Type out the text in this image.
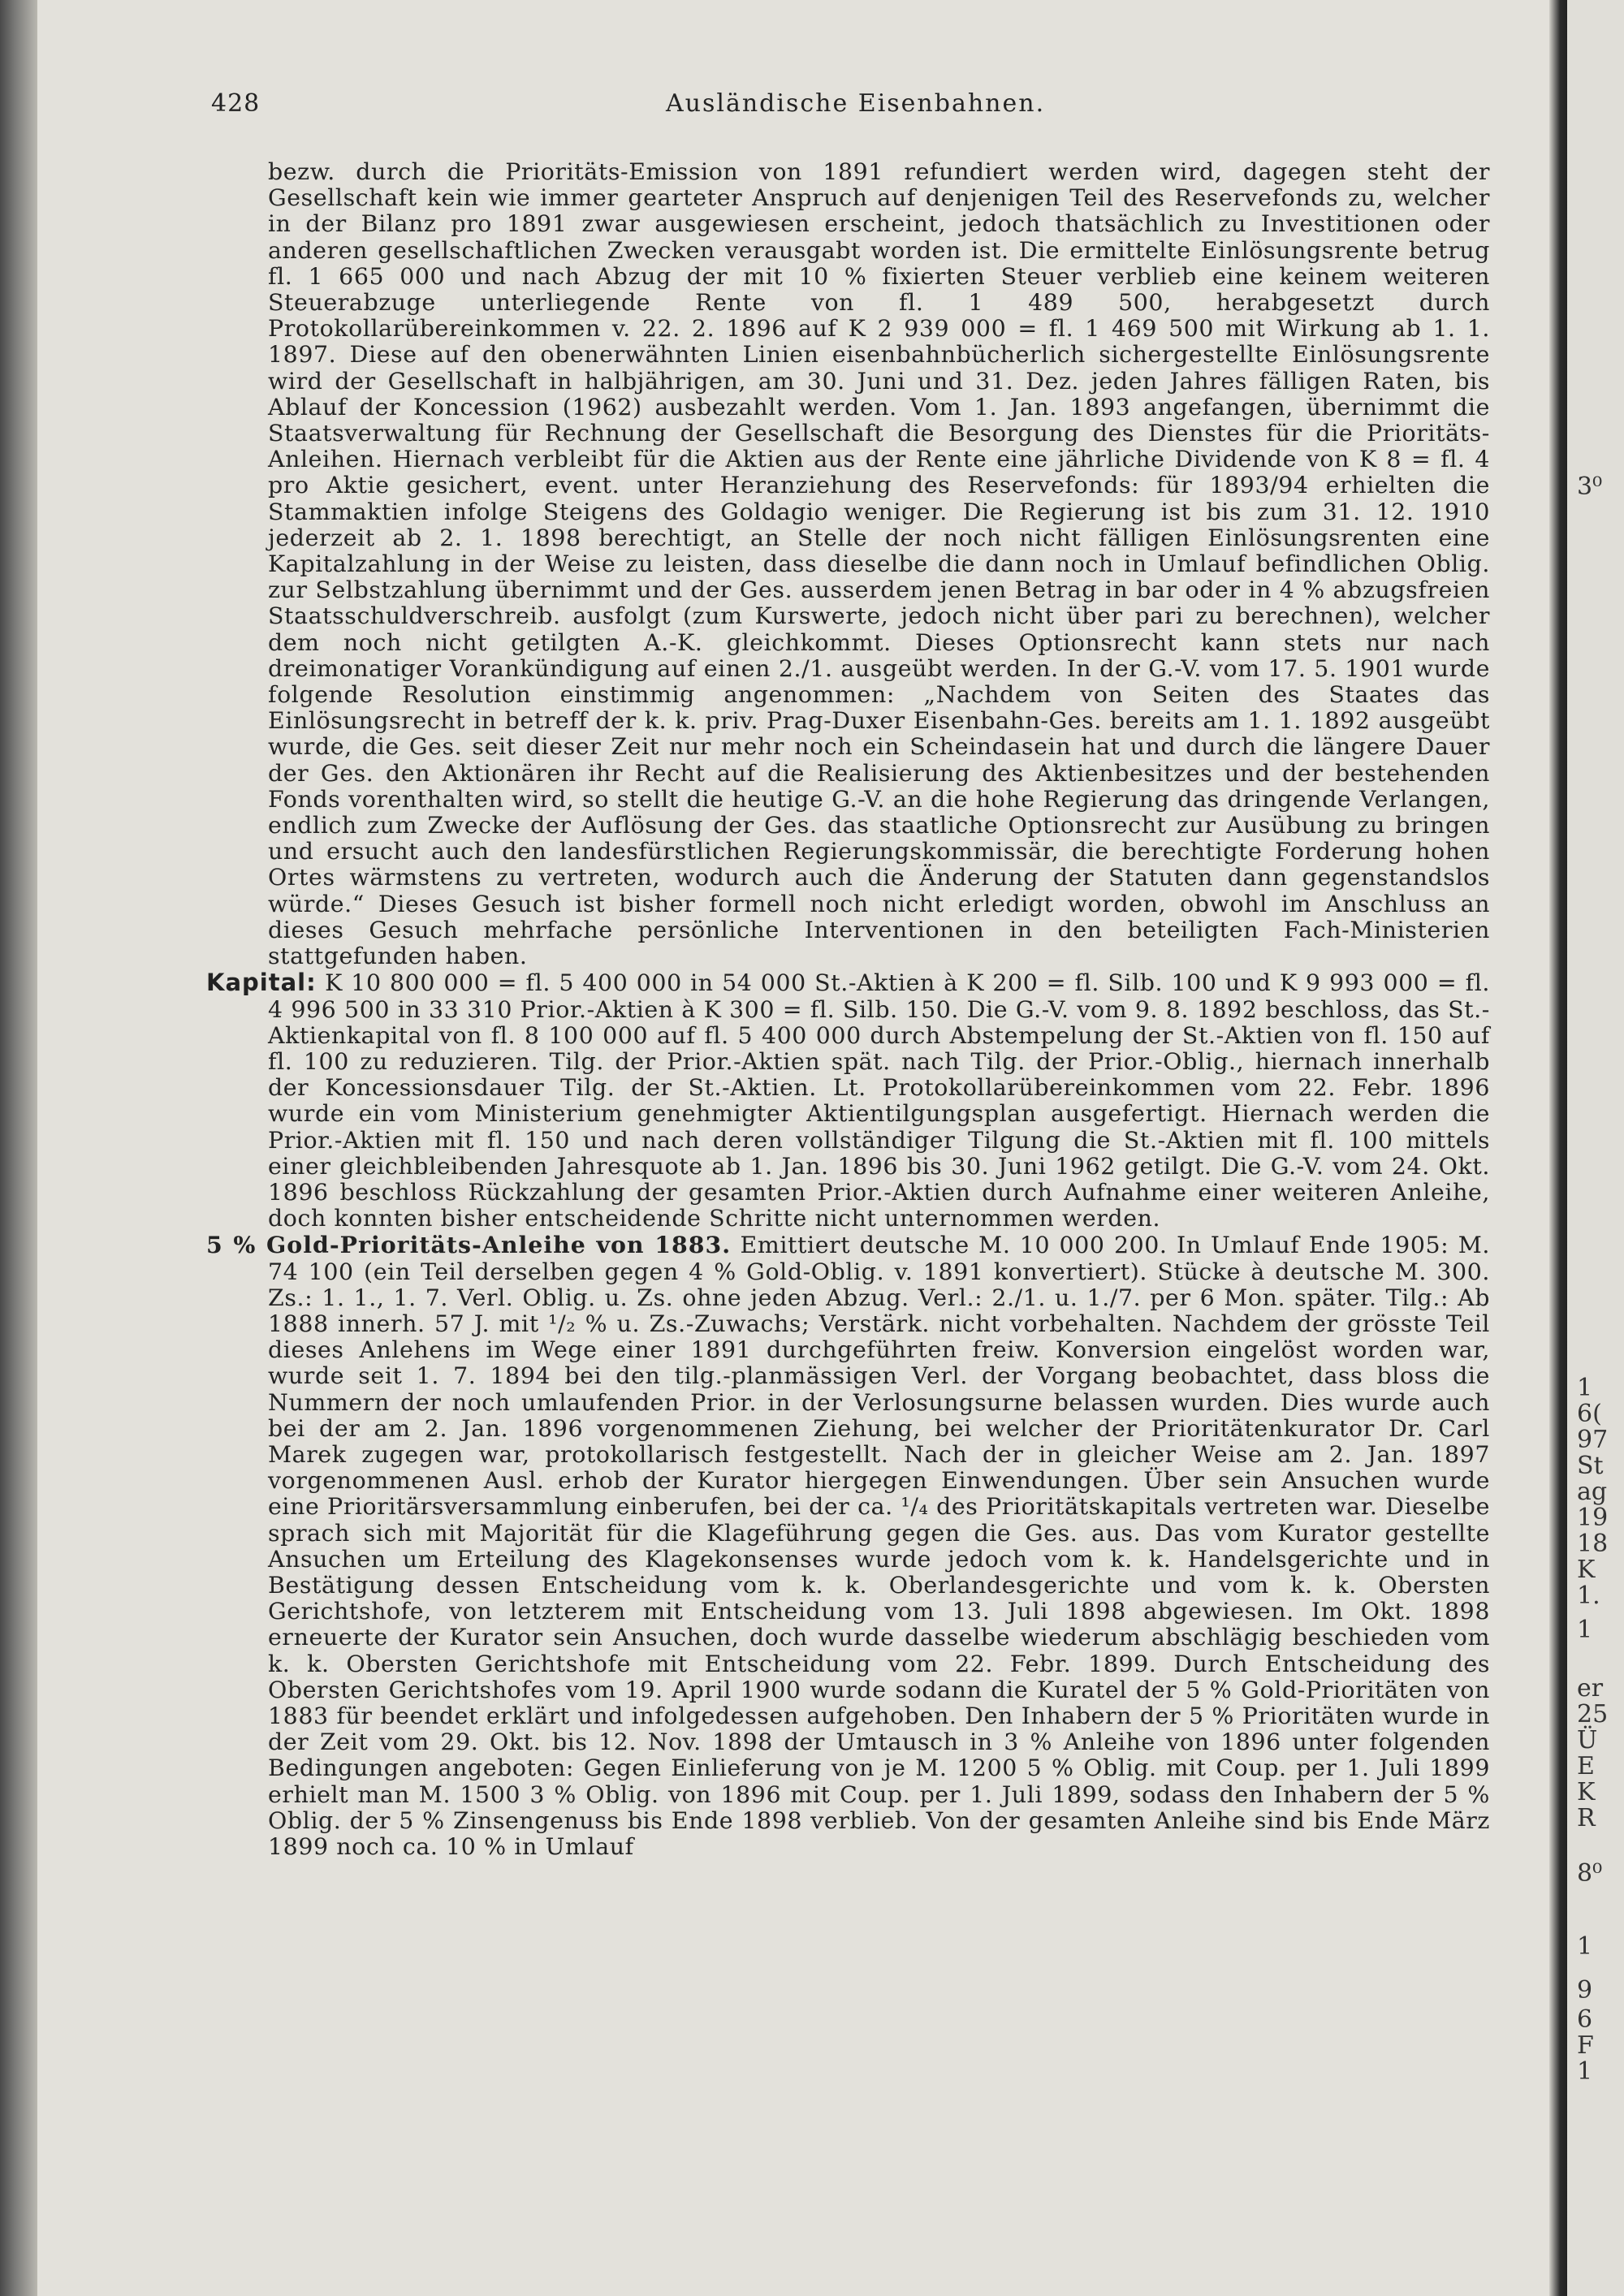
428	Ausländische Eisenbahnen.

bezw. durch die Prioritäts-Emission von 1891 refundiert werden wird, dagegen steht der Gesellschaft kein wie immer gearteter Anspruch auf denjenigen Teil des Reservefonds zu, welcher in der Bilanz pro 1891 zwar ausgewiesen erscheint, jedoch thatsächlich zu Investitionen oder anderen gesellschaftlichen Zwecken verausgabt worden ist. Die ermittelte Einlösungsrente betrug fl. 1 665 000 und nach Abzug der mit 10 % fixierten Steuer verblieb eine keinem weiteren Steuerabzuge unterliegende Rente von fl. 1 489 500, herabgesetzt durch Protokollarübereinkommen v. 22. 2. 1896 auf K 2 939 000 = fl. 1 469 500 mit Wirkung ab 1. 1. 1897. Diese auf den obenerwähnten Linien eisenbahnbücherlich sichergestellte Einlösungsrente wird der Gesellschaft in halbjährigen, am 30. Juni und 31. Dez. jeden Jahres fälligen Raten, bis Ablauf der Koncession (1962) ausbezahlt werden. Vom 1. Jan. 1893 angefangen, übernimmt die Staatsverwaltung für Rechnung der Gesellschaft die Besorgung des Dienstes für die Prioritäts-Anleihen. Hiernach verbleibt für die Aktien aus der Rente eine jährliche Dividende von K 8 = fl. 4 pro Aktie gesichert, event. unter Heranziehung des Reservefonds: für 1893/94 erhielten die Stammaktien infolge Steigens des Goldagio weniger. Die Regierung ist bis zum 31. 12. 1910 jederzeit ab 2. 1. 1898 berechtigt, an Stelle der noch nicht fälligen Einlösungsrenten eine Kapitalzahlung in der Weise zu leisten, dass dieselbe die dann noch in Umlauf befindlichen Oblig. zur Selbstzahlung übernimmt und der Ges. ausserdem jenen Betrag in bar oder in 4 % abzugsfreien Staatsschuldverschreib. ausfolgt (zum Kurswerte, jedoch nicht über pari zu berechnen), welcher dem noch nicht getilgten A.-K. gleichkommt. Dieses Optionsrecht kann stets nur nach dreimonatiger Vorankündigung auf einen 2./1. ausgeübt werden. In der G.-V. vom 17. 5. 1901 wurde folgende Resolution einstimmig angenommen: „Nachdem von Seiten des Staates das Einlösungsrecht in betreff der k. k. priv. Prag-Duxer Eisenbahn-Ges. bereits am 1. 1. 1892 ausgeübt wurde, die Ges. seit dieser Zeit nur mehr noch ein Scheindasein hat und durch die längere Dauer der Ges. den Aktionären ihr Recht auf die Realisierung des Aktienbesitzes und der bestehenden Fonds vorenthalten wird, so stellt die heutige G.-V. an die hohe Regierung das dringende Verlangen, endlich zum Zwecke der Auflösung der Ges. das staatliche Optionsrecht zur Ausübung zu bringen und ersucht auch den landesfürstlichen Regierungskommissär, die berechtigte Forderung hohen Ortes wärmstens zu vertreten, wodurch auch die Änderung der Statuten dann gegenstandslos würde.“ Dieses Gesuch ist bisher formell noch nicht erledigt worden, obwohl im Anschluss an dieses Gesuch mehrfache persönliche Interventionen in den beteiligten Fach-Ministerien stattgefunden haben.

Kapital: K 10 800 000 = fl. 5 400 000 in 54 000 St.-Aktien à K 200 = fl. Silb. 100 und K 9 993 000 = fl. 4 996 500 in 33 310 Prior.-Aktien à K 300 = fl. Silb. 150. Die G.-V. vom 9. 8. 1892 beschloss, das St.-Aktienkapital von fl. 8 100 000 auf fl. 5 400 000 durch Abstempelung der St.-Aktien von fl. 150 auf fl. 100 zu reduzieren. Tilg. der Prior.-Aktien spät. nach Tilg. der Prior.-Oblig., hiernach innerhalb der Koncessionsdauer Tilg. der St.-Aktien. Lt. Protokollarübereinkommen vom 22. Febr. 1896 wurde ein vom Ministerium genehmigter Aktientilgungsplan ausgefertigt. Hiernach werden die Prior.-Aktien mit fl. 150 und nach deren vollständiger Tilgung die St.-Aktien mit fl. 100 mittels einer gleichbleibenden Jahresquote ab 1. Jan. 1896 bis 30. Juni 1962 getilgt. Die G.-V. vom 24. Okt. 1896 beschloss Rückzahlung der gesamten Prior.-Aktien durch Aufnahme einer weiteren Anleihe, doch konnten bisher entscheidende Schritte nicht unternommen werden.

5 % Gold-Prioritäts-Anleihe von 1883. Emittiert deutsche M. 10 000 200. In Umlauf Ende 1905: M. 74 100 (ein Teil derselben gegen 4 % Gold-Oblig. v. 1891 konvertiert). Stücke à deutsche M. 300. Zs.: 1. 1., 1. 7. Verl. Oblig. u. Zs. ohne jeden Abzug. Verl.: 2./1. u. 1./7. per 6 Mon. später. Tilg.: Ab 1888 innerh. 57 J. mit ¹/₂ % u. Zs.-Zuwachs; Verstärk. nicht vorbehalten. Nachdem der grösste Teil dieses Anlehens im Wege einer 1891 durchgeführten freiw. Konversion eingelöst worden war, wurde seit 1. 7. 1894 bei den tilg.-planmässigen Verl. der Vorgang beobachtet, dass bloss die Nummern der noch umlaufenden Prior. in der Verlosungsurne belassen wurden. Dies wurde auch bei der am 2. Jan. 1896 vorgenommenen Ziehung, bei welcher der Prioritätenkurator Dr. Carl Marek zugegen war, protokollarisch festgestellt. Nach der in gleicher Weise am 2. Jan. 1897 vorgenommenen Ausl. erhob der Kurator hiergegen Einwendungen. Über sein Ansuchen wurde eine Prioritärsversammlung einberufen, bei der ca. ¹/₄ des Prioritätskapitals vertreten war. Dieselbe sprach sich mit Majorität für die Klageführung gegen die Ges. aus. Das vom Kurator gestellte Ansuchen um Erteilung des Klagekonsenses wurde jedoch vom k. k. Handelsgerichte und in Bestätigung dessen Entscheidung vom k. k. Oberlandesgerichte und vom k. k. Obersten Gerichtshofe, von letzterem mit Entscheidung vom 13. Juli 1898 abgewiesen. Im Okt. 1898 erneuerte der Kurator sein Ansuchen, doch wurde dasselbe wiederum abschlägig beschieden vom k. k. Obersten Gerichtshofe mit Entscheidung vom 22. Febr. 1899. Durch Entscheidung des Obersten Gerichtshofes vom 19. April 1900 wurde sodann die Kuratel der 5 % Gold-Prioritäten von 1883 für beendet erklärt und infolgedessen aufgehoben. Den Inhabern der 5 % Prioritäten wurde in der Zeit vom 29. Okt. bis 12. Nov. 1898 der Umtausch in 3 % Anleihe von 1896 unter folgenden Bedingungen angeboten: Gegen Einlieferung von je M. 1200 5 % Oblig. mit Coup. per 1. Juli 1899 erhielt man M. 1500 3 % Oblig. von 1896 mit Coup. per 1. Juli 1899, sodass den Inhabern der 5 % Oblig. der 5 % Zinsengenuss bis Ende 1898 verblieb. Von der gesamten Anleihe sind bis Ende März 1899 noch ca. 10 % in Umlauf

3⁰
1
6(
97
St
ag
19
18
K
1.
1
er
25
Ü
E
K
R
8⁰
1
9
6
F
1
